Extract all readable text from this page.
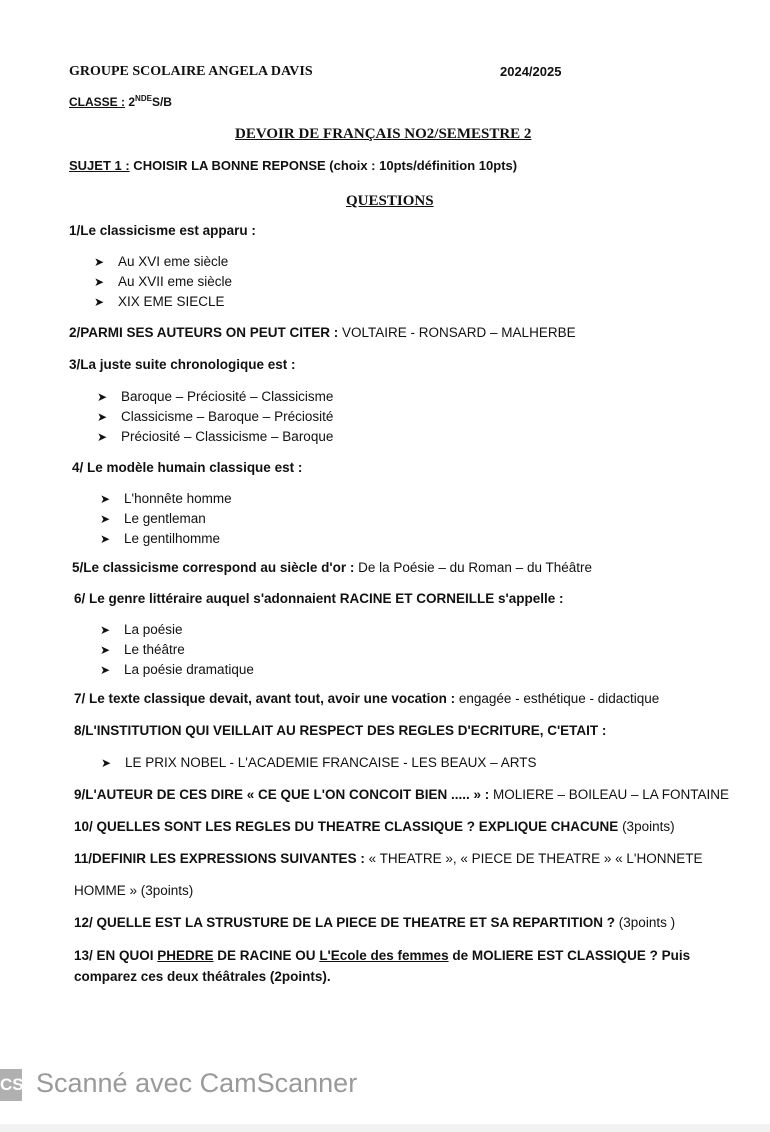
GROUPE SCOLAIRE ANGELA DAVIS	2024/2025
CLASSE : 2NDES/B
DEVOIR DE FRANÇAIS NO2/SEMESTRE 2
SUJET 1 : CHOISIR LA BONNE REPONSE (choix : 10pts/définition 10pts)
QUESTIONS
1/Le classicisme est apparu :
➤ Au XVI eme siècle
➤ Au XVII eme siècle
➤ XIX EME SIECLE
2/PARMI SES AUTEURS ON PEUT CITER : VOLTAIRE - RONSARD – MALHERBE
3/La juste suite chronologique est :
➤ Baroque – Préciosité – Classicisme
➤ Classicisme – Baroque – Préciosité
➤ Préciosité – Classicisme – Baroque
4/ Le modèle humain classique est :
➤ L'honnête homme
➤ Le gentleman
➤ Le gentilhomme
5/Le classicisme correspond au siècle d'or : De la Poésie – du Roman – du Théâtre
6/ Le genre littéraire auquel s'adonnaient RACINE ET CORNEILLE s'appelle :
➤ La poésie
➤ Le théâtre
➤ La poésie dramatique
7/ Le texte classique devait, avant tout, avoir une vocation : engagée - esthétique - didactique
8/L'INSTITUTION QUI VEILLAIT AU RESPECT DES REGLES D'ECRITURE, C'ETAIT :
➤ LE PRIX NOBEL - L'ACADEMIE FRANCAISE - LES BEAUX – ARTS
9/L'AUTEUR DE CES DIRE « CE QUE L'ON CONCOIT BIEN ..... » : MOLIERE – BOILEAU – LA FONTAINE
10/ QUELLES SONT LES REGLES DU THEATRE CLASSIQUE ? EXPLIQUE CHACUNE (3points)
11/DEFINIR LES EXPRESSIONS SUIVANTES : « THEATRE », « PIECE DE THEATRE » « L'HONNETE
HOMME » (3points)
12/ QUELLE EST LA STRUSTURE DE LA PIECE DE THEATRE ET SA REPARTITION ? (3points )
13/ EN QUOI PHEDRE DE RACINE OU L'Ecole des femmes de MOLIERE EST CLASSIQUE ? Puis
comparez ces deux théâtrales (2points).
CS Scanné avec CamScanner
